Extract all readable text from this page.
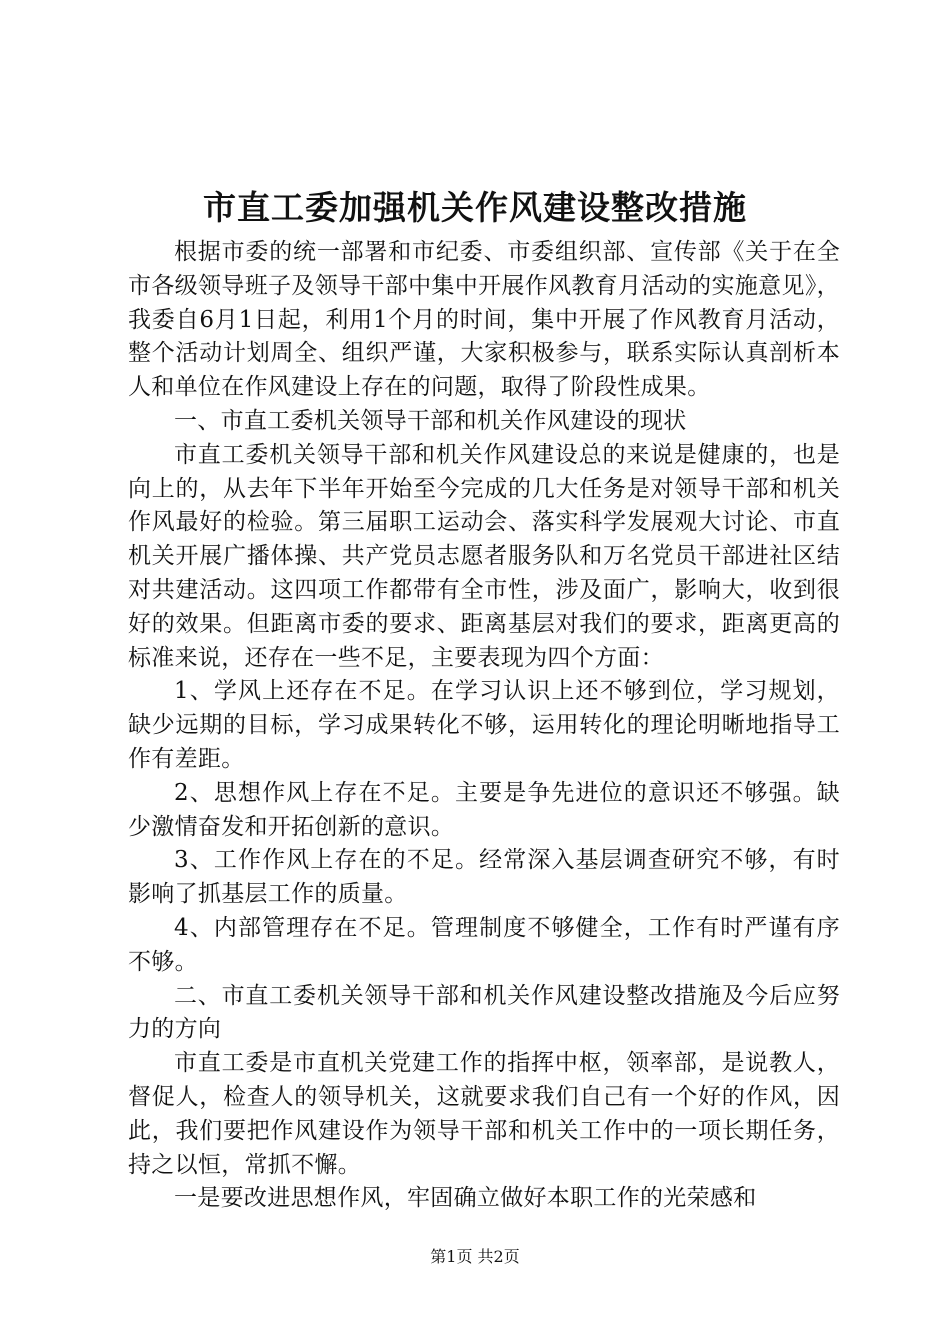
市直工委加强机关作风建设整改措施

根据市委的统一部署和市纪委、市委组织部、宣传部《关于在全市各级领导班子及领导干部中集中开展作风教育月活动的实施意见》，我委自6月1日起，利用1个月的时间，集中开展了作风教育月活动，整个活动计划周全、组织严谨，大家积极参与，联系实际认真剖析本人和单位在作风建设上存在的问题，取得了阶段性成果。

一、市直工委机关领导干部和机关作风建设的现状

市直工委机关领导干部和机关作风建设总的来说是健康的，也是向上的，从去年下半年开始至今完成的几大任务是对领导干部和机关作风最好的检验。第三届职工运动会、落实科学发展观大讨论、市直机关开展广播体操、共产党员志愿者服务队和万名党员干部进社区结对共建活动。这四项工作都带有全市性，涉及面广，影响大，收到很好的效果。但距离市委的要求、距离基层对我们的要求，距离更高的标准来说，还存在一些不足，主要表现为四个方面：

1、学风上还存在不足。在学习认识上还不够到位，学习规划，缺少远期的目标，学习成果转化不够，运用转化的理论明晰地指导工作有差距。

2、思想作风上存在不足。主要是争先进位的意识还不够强。缺少激情奋发和开拓创新的意识。

3、工作作风上存在的不足。经常深入基层调查研究不够，有时影响了抓基层工作的质量。

4、内部管理存在不足。管理制度不够健全，工作有时严谨有序不够。

二、市直工委机关领导干部和机关作风建设整改措施及今后应努力的方向

市直工委是市直机关党建工作的指挥中枢，领率部，是说教人，督促人，检查人的领导机关，这就要求我们自己有一个好的作风，因此，我们要把作风建设作为领导干部和机关工作中的一项长期任务，持之以恒，常抓不懈。

一是要改进思想作风，牢固确立做好本职工作的光荣感和

第1页 共2页
